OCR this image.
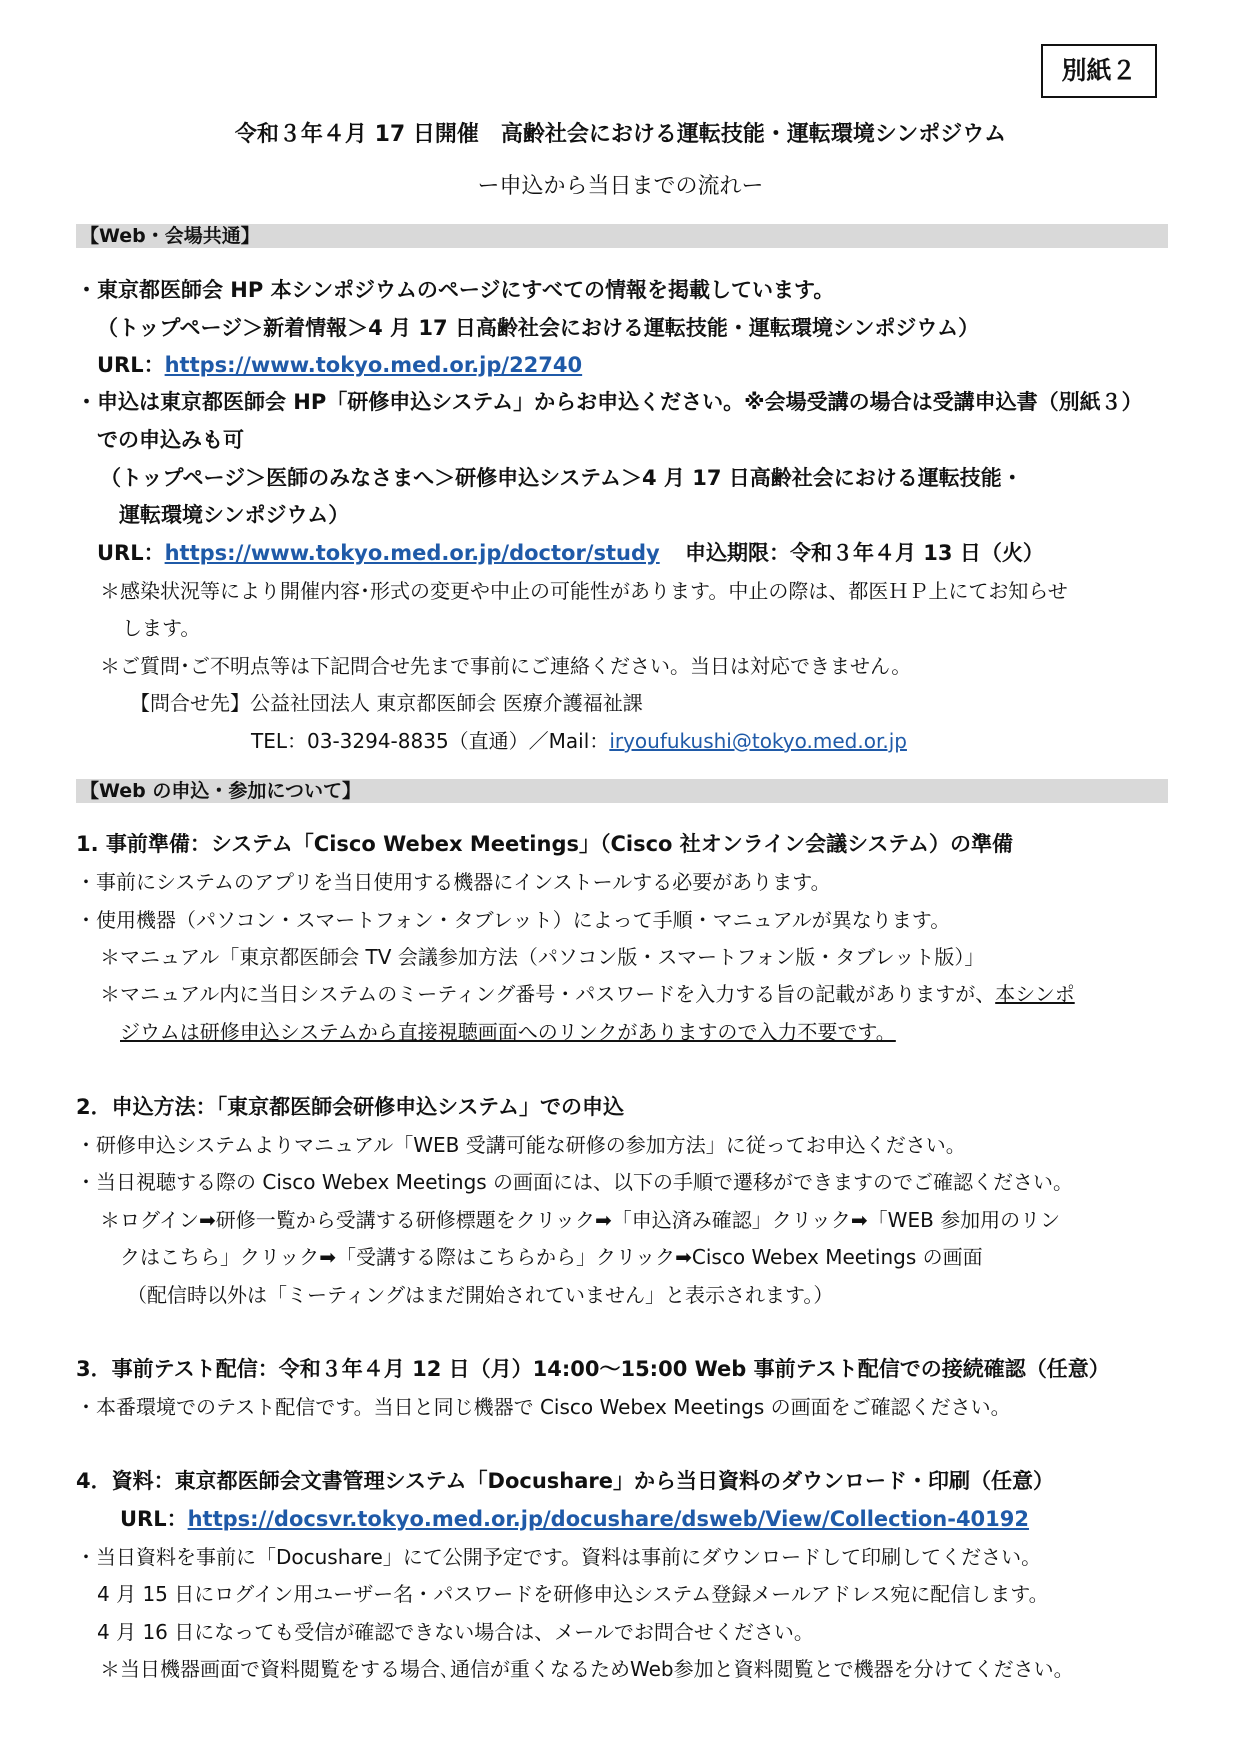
別紙２
令和３年４月 17 日開催　高齢社会における運転技能・運転環境シンポジウム
ー申込から当日までの流れー
【Web・会場共通】
・東京都医師会 HP 本シンポジウムのページにすべての情報を掲載しています。
（トップページ＞新着情報＞4 月 17 日高齢社会における運転技能・運転環境シンポジウム）
URL：https://www.tokyo.med.or.jp/22740
・申込は東京都医師会 HP「研修申込システム」からお申込ください。※会場受講の場合は受講申込書（別紙３）
での申込みも可
（トップページ＞医師のみなさまへ＞研修申込システム＞4 月 17 日高齢社会における運転技能・
運転環境シンポジウム）
URL：https://www.tokyo.med.or.jp/doctor/study 申込期限：令和３年４月 13 日（火）
＊感染状況等により開催内容･形式の変更や中止の可能性があります。中止の際は、都医ＨＰ上にてお知らせ
します。
＊ご質問･ご不明点等は下記問合せ先まで事前にご連絡ください。当日は対応できません。
【問合せ先】公益社団法人 東京都医師会 医療介護福祉課
TEL：03-3294-8835（直通）／Mail：iryoufukushi@tokyo.med.or.jp
【Web の申込・参加について】
1. 事前準備：システム「Cisco Webex Meetings」（Cisco 社オンライン会議システム）の準備
・事前にシステムのアプリを当日使用する機器にインストールする必要があります。
・使用機器（パソコン・スマートフォン・タブレット）によって手順・マニュアルが異なります。
＊マニュアル「東京都医師会 TV 会議参加方法（パソコン版・スマートフォン版・タブレット版）」
＊マニュアル内に当日システムのミーティング番号・パスワードを入力する旨の記載がありますが、本シンポ
ジウムは研修申込システムから直接視聴画面へのリンクがありますので入力不要です。
2．申込方法：「東京都医師会研修申込システム」での申込
・研修申込システムよりマニュアル「WEB 受講可能な研修の参加方法」に従ってお申込ください。
・当日視聴する際の Cisco Webex Meetings の画面には、以下の手順で遷移ができますのでご確認ください。
＊ログイン➡研修一覧から受講する研修標題をクリック➡「申込済み確認」クリック➡「WEB 参加用のリン
クはこちら」クリック➡「受講する際はこちらから」クリック➡Cisco Webex Meetings の画面
（配信時以外は「ミーティングはまだ開始されていません」と表示されます。）
3．事前テスト配信：令和３年４月 12 日（月）14:00～15:00 Web 事前テスト配信での接続確認（任意）
・本番環境でのテスト配信です。当日と同じ機器で Cisco Webex Meetings の画面をご確認ください。
4．資料：東京都医師会文書管理システム「Docushare」から当日資料のダウンロード・印刷（任意）
URL：https://docsvr.tokyo.med.or.jp/docushare/dsweb/View/Collection-40192
・当日資料を事前に「Docushare」にて公開予定です。資料は事前にダウンロードして印刷してください。
4 月 15 日にログイン用ユーザー名・パスワードを研修申込システム登録メールアドレス宛に配信します。
4 月 16 日になっても受信が確認できない場合は、メールでお問合せください。
＊当日機器画面で資料閲覧をする場合､通信が重くなるためWeb参加と資料閲覧とで機器を分けてください。
